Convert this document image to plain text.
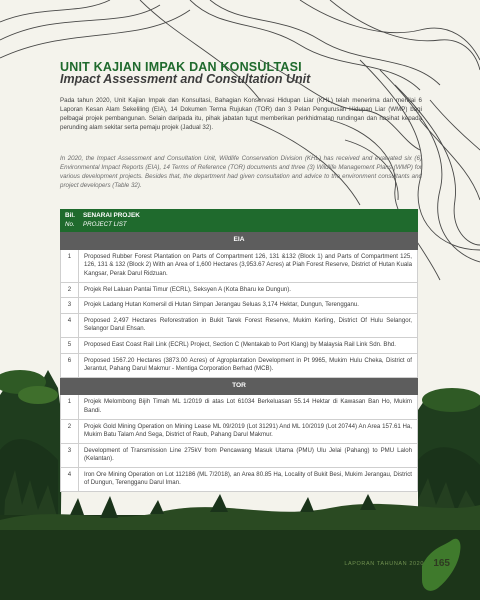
UNIT KAJIAN IMPAK DAN KONSULTASI
Impact Assessment and Consultation Unit

Pada tahun 2020, Unit Kajian Impak dan Konsultasi, Bahagian Konservasi Hidupan Liar (KHL) telah menerima dan menilai 6 Laporan Kesan Alam Sekeliling (EIA), 14 Dokumen Terma Rujukan (TOR) dan 3 Pelan Pengurusan Hidupan Liar (WMP) bagi pelbagai projek pembangunan. Selain daripada itu, pihak jabatan turut memberikan perkhidmatan rundingan dan nasihat kepada perunding alam sekitar serta pemaju projek (Jadual 32).

In 2020, the Impact Assessment and Consultation Unit, Wildlife Conservation Division (KHL) has received and evaluated six (6) Environmental Impact Reports (EIA), 14 Terms of Reference (TOR) documents and three (3) Wildlife Management Plans (WMP) for various development projects. Besides that, the department had given consultation and advice to the environment consultants and project developers (Table 32).

Bil.
No.	SENARAI PROJEK
PROJECT LIST

EIA	
1	Proposed Rubber Forest Plantation on Parts of Compartment 126, 131 &132 (Block 1) and Parts of Compartment 125, 126, 131 & 132 (Block 2) With an Area of 1,600 Hectares (3,953.67 Acres) at Piah Forest Reserve, District of Hutan Kuala Kangsar, Perak Darul Ridzuan.
2	Projek Rel Laluan Pantai Timur (ECRL), Seksyen A (Kota Bharu ke Dungun).
3	Projek Ladang Hutan Komersil di Hutan Simpan Jerangau Seluas 3,174 Hektar, Dungun, Terengganu.
4	Proposed 2,497 Hectares Reforestration in Bukit Tarek Forest Reserve, Mukim Kerling, District Of Hulu Selangor, Selangor Darul Ehsan.
5	Proposed East Coast Rail Link (ECRL) Project, Section C (Mentakab to Port Klang) by Malaysia Rail Link Sdn. Bhd.
6	Proposed 1567.20 Hectares (3873.00 Acres) of Agroplantation Development in Pt 9965, Mukim Hulu Cheka, District of Jerantut, Pahang Darul Makmur - Mentiga Corporation Berhad (MCB).
TOR	
1	Projek Melombong Bijih Timah ML 1/2019 di atas Lot 61034 Berkeluasan 55.14 Hektar di Kawasan Ban Ho, Mukim Bandi.
2	Projek Gold Mining Operation on Mining Lease ML 09/2019 (Lot 31291) And ML 10/2019 (Lot 20744) An Area 157.61 Ha, Mukim Batu Talam And Sega, District of Raub, Pahang Darul Makmur.
3	Development of Transmission Line 275kV from Pencawang Masuk Utama (PMU) Ulu Jelai (Pahang) to PMU Laloh (Kelantan).
4	Iron Ore Mining Operation on Lot 112186 (ML 7/2018), an Area 80.85 Ha, Locality of Bukit Besi, Mukim Jerangau, District of Dungun, Terengganu Darul Iman.
LAPORAN TAHUNAN 2020 165
